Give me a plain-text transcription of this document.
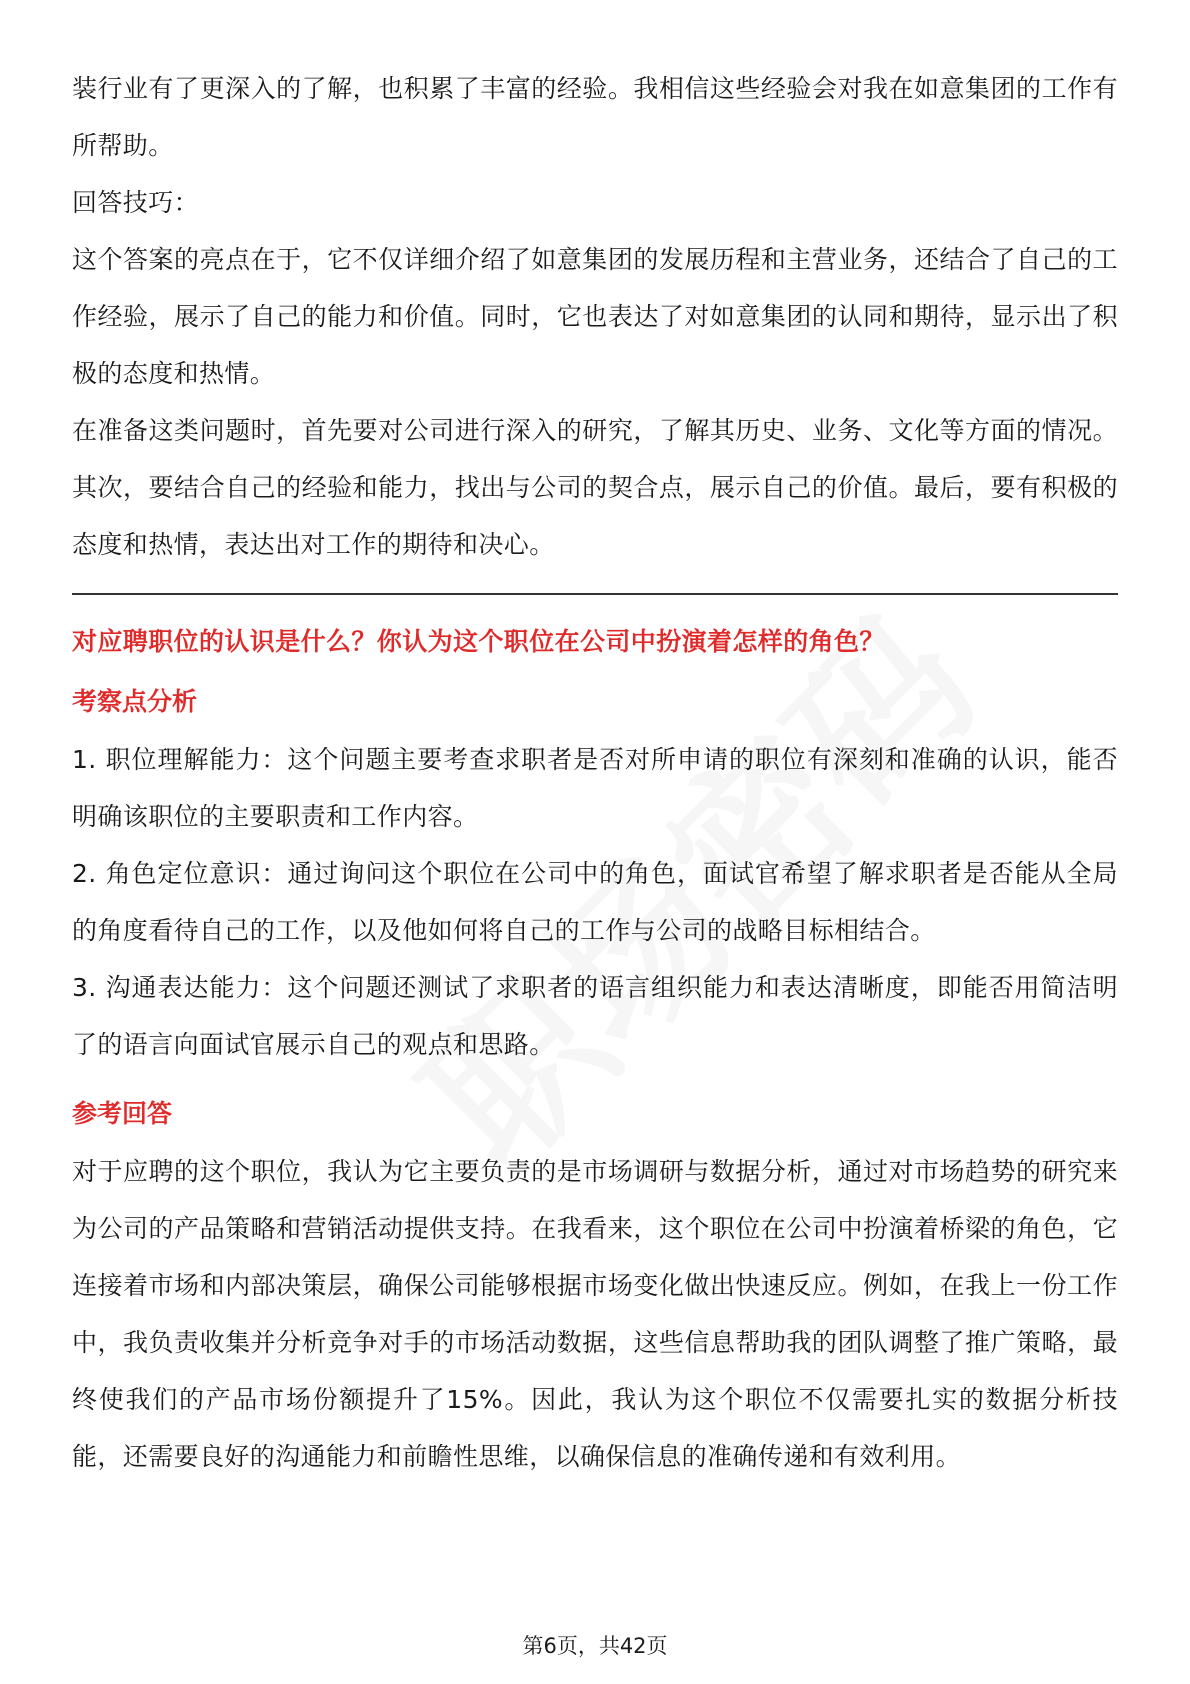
装行业有了更深入的了解，也积累了丰富的经验。我相信这些经验会对我在如意集团的工作有所帮助。

回答技巧：

这个答案的亮点在于，它不仅详细介绍了如意集团的发展历程和主营业务，还结合了自己的工作经验，展示了自己的能力和价值。同时，它也表达了对如意集团的认同和期待，显示出了积极的态度和热情。

在准备这类问题时，首先要对公司进行深入的研究，了解其历史、业务、文化等方面的情况。其次，要结合自己的经验和能力，找出与公司的契合点，展示自己的价值。最后，要有积极的态度和热情，表达出对工作的期待和决心。

对应聘职位的认识是什么？你认为这个职位在公司中扮演着怎样的角色？

考察点分析

1. 职位理解能力：这个问题主要考查求职者是否对所申请的职位有深刻和准确的认识，能否明确该职位的主要职责和工作内容。

2. 角色定位意识：通过询问这个职位在公司中的角色，面试官希望了解求职者是否能从全局的角度看待自己的工作，以及他如何将自己的工作与公司的战略目标相结合。

3. 沟通表达能力：这个问题还测试了求职者的语言组织能力和表达清晰度，即能否用简洁明了的语言向面试官展示自己的观点和思路。

参考回答

对于应聘的这个职位，我认为它主要负责的是市场调研与数据分析，通过对市场趋势的研究来为公司的产品策略和营销活动提供支持。在我看来，这个职位在公司中扮演着桥梁的角色，它连接着市场和内部决策层，确保公司能够根据市场变化做出快速反应。例如，在我上一份工作中，我负责收集并分析竞争对手的市场活动数据，这些信息帮助我的团队调整了推广策略，最终使我们的产品市场份额提升了15%。因此，我认为这个职位不仅需要扎实的数据分析技能，还需要良好的沟通能力和前瞻性思维，以确保信息的准确传递和有效利用。

第6页，共42页
